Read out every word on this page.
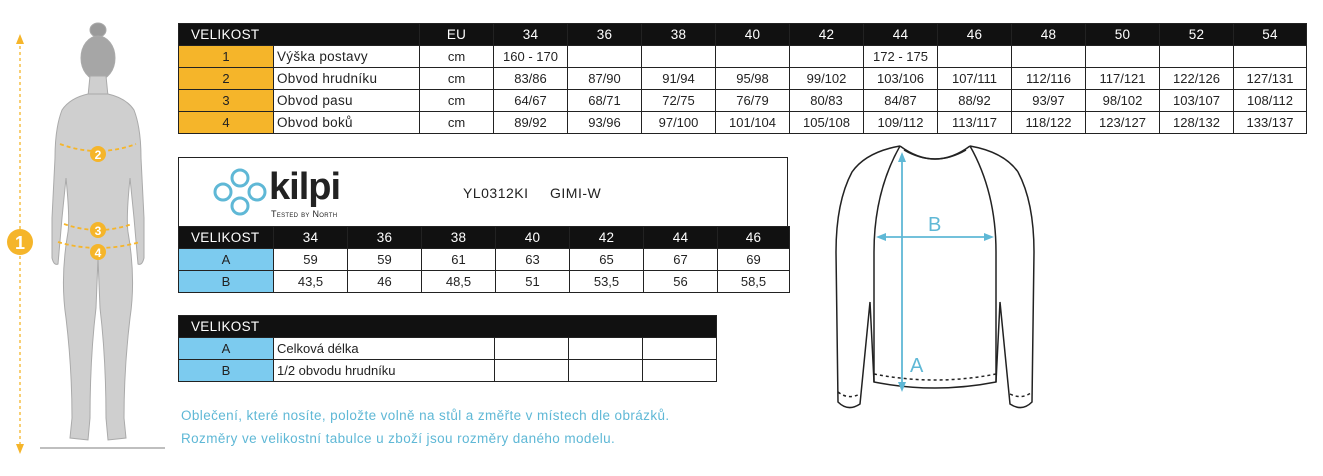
2
3
4
1
VELIKOST		EU	34	36	38	40	42	44	46	48	50	52	54
1	Výška postavy	cm	160 - 170					172 - 175					
2	Obvod hrudníku	cm	83/86	87/90	91/94	95/98	99/102	103/106	107/111	112/116	117/121	122/126	127/131
3	Obvod pasu	cm	64/67	68/71	72/75	76/79	80/83	84/87	88/92	93/97	98/102	103/107	108/112
4	Obvod boků	cm	89/92	93/96	97/100	101/104	105/108	109/112	113/117	118/122	123/127	128/132	133/137
kilpi
Tested by North
YL0312KI GIMI-W
VELIKOST	34	36	38	40	42	44	46
A	59	59	61	63	65	67	69
B	43,5	46	48,5	51	53,5	56	58,5
VELIKOST				
A	Celková délka			
B	1/2 obvodu hrudníku			
Oblečení, které nosíte, položte volně na stůl a změřte v místech dle obrázků.
Rozměry ve velikostní tabulce u zboží jsou rozměry daného modelu.
B
A
